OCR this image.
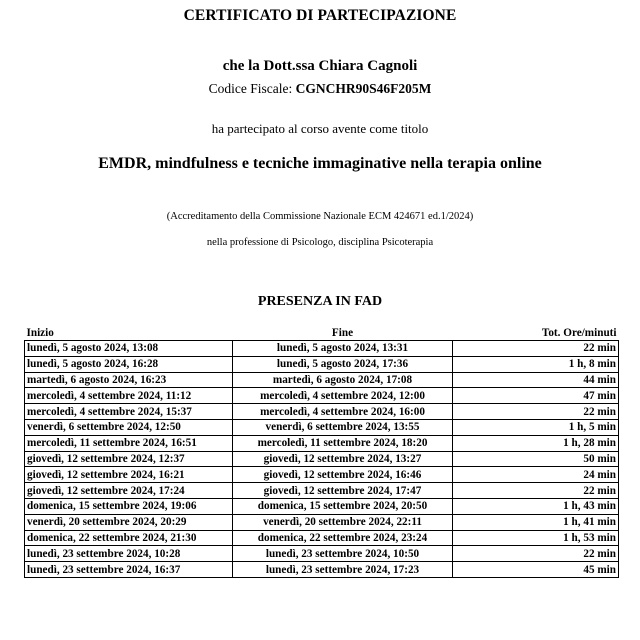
CERTIFICATO DI PARTECIPAZIONE
che la Dott.ssa Chiara Cagnoli
Codice Fiscale: CGNCHR90S46F205M
ha partecipato al corso avente come titolo
EMDR, mindfulness e tecniche immaginative nella terapia online
(Accreditamento della Commissione Nazionale ECM 424671 ed.1/2024)
nella professione di Psicologo, disciplina Psicoterapia
PRESENZA IN FAD
Inizio	Fine	Tot. Ore/minuti
lunedì, 5 agosto 2024, 13:08	lunedì, 5 agosto 2024, 13:31	22 min
lunedì, 5 agosto 2024, 16:28	lunedì, 5 agosto 2024, 17:36	1 h, 8 min
martedì, 6 agosto 2024, 16:23	martedì, 6 agosto 2024, 17:08	44 min
mercoledì, 4 settembre 2024, 11:12	mercoledì, 4 settembre 2024, 12:00	47 min
mercoledì, 4 settembre 2024, 15:37	mercoledì, 4 settembre 2024, 16:00	22 min
venerdì, 6 settembre 2024, 12:50	venerdì, 6 settembre 2024, 13:55	1 h, 5 min
mercoledì, 11 settembre 2024, 16:51	mercoledì, 11 settembre 2024, 18:20	1 h, 28 min
giovedì, 12 settembre 2024, 12:37	giovedì, 12 settembre 2024, 13:27	50 min
giovedì, 12 settembre 2024, 16:21	giovedì, 12 settembre 2024, 16:46	24 min
giovedì, 12 settembre 2024, 17:24	giovedì, 12 settembre 2024, 17:47	22 min
domenica, 15 settembre 2024, 19:06	domenica, 15 settembre 2024, 20:50	1 h, 43 min
venerdì, 20 settembre 2024, 20:29	venerdì, 20 settembre 2024, 22:11	1 h, 41 min
domenica, 22 settembre 2024, 21:30	domenica, 22 settembre 2024, 23:24	1 h, 53 min
lunedì, 23 settembre 2024, 10:28	lunedì, 23 settembre 2024, 10:50	22 min
lunedì, 23 settembre 2024, 16:37	lunedì, 23 settembre 2024, 17:23	45 min
